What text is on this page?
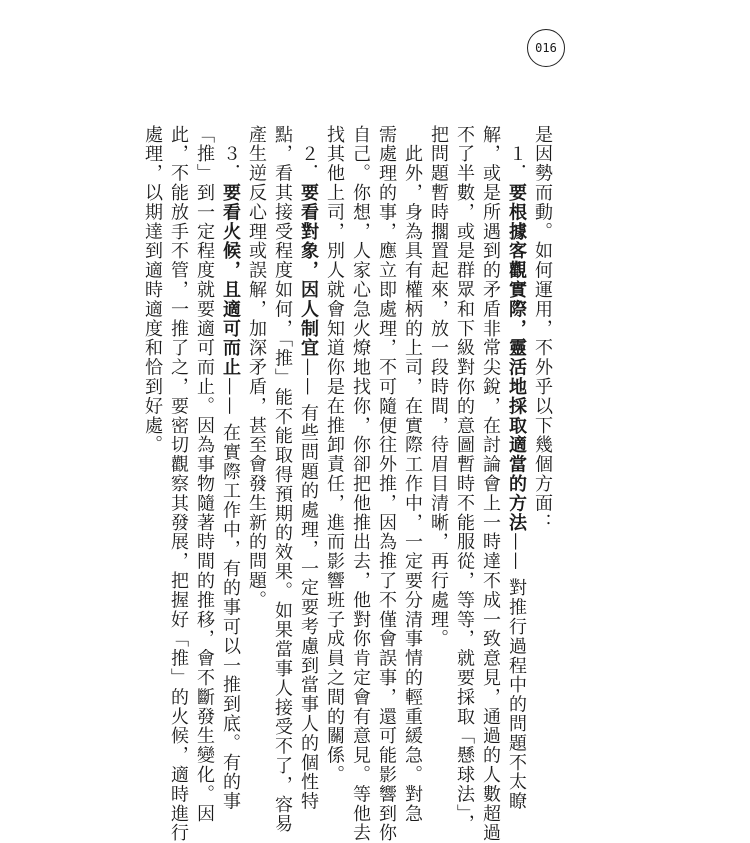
016
是因勢而動。如何運用，不外乎以下幾個方面：
　１．要根據客觀實際，靈活地採取適當的方法—— 對推行過程中的問題不太瞭
解，或是所遇到的矛盾非常尖銳，在討論會上一時達不成一致意見，通過的人數超過
不了半數，或是群眾和下級對你的意圖暫時不能服從，等等，就要採取「懸球法」，
把問題暫時擱置起來，放一段時間，待眉目清晰，再行處理。
　此外，身為具有權柄的上司，在實際工作中，一定要分清事情的輕重緩急。對急
需處理的事，應立即處理，不可隨便往外推，因為推了不僅會誤事，還可能影響到你
自己。你想，人家心急火燎地找你，你卻把他推出去，他對你肯定會有意見。等他去
找其他上司，別人就會知道你是在推卸責任，進而影響班子成員之間的關係。
　２．要看對象，因人制宜—— 有些問題的處理，一定要考慮到當事人的個性特
點，看其接受程度如何，「推」能不能取得預期的效果。如果當事人接受不了，容易
產生逆反心理或誤解，加深矛盾，甚至會發生新的問題。
　３．要看火候，且適可而止—— 在實際工作中，有的事可以一推到底。有的事
「推」到一定程度就要適可而止。因為事物隨著時間的推移，會不斷發生變化。因
此，不能放手不管，一推了之，要密切觀察其發展，把握好「推」的火候，適時進行
處理，以期達到適時適度和恰到好處。
